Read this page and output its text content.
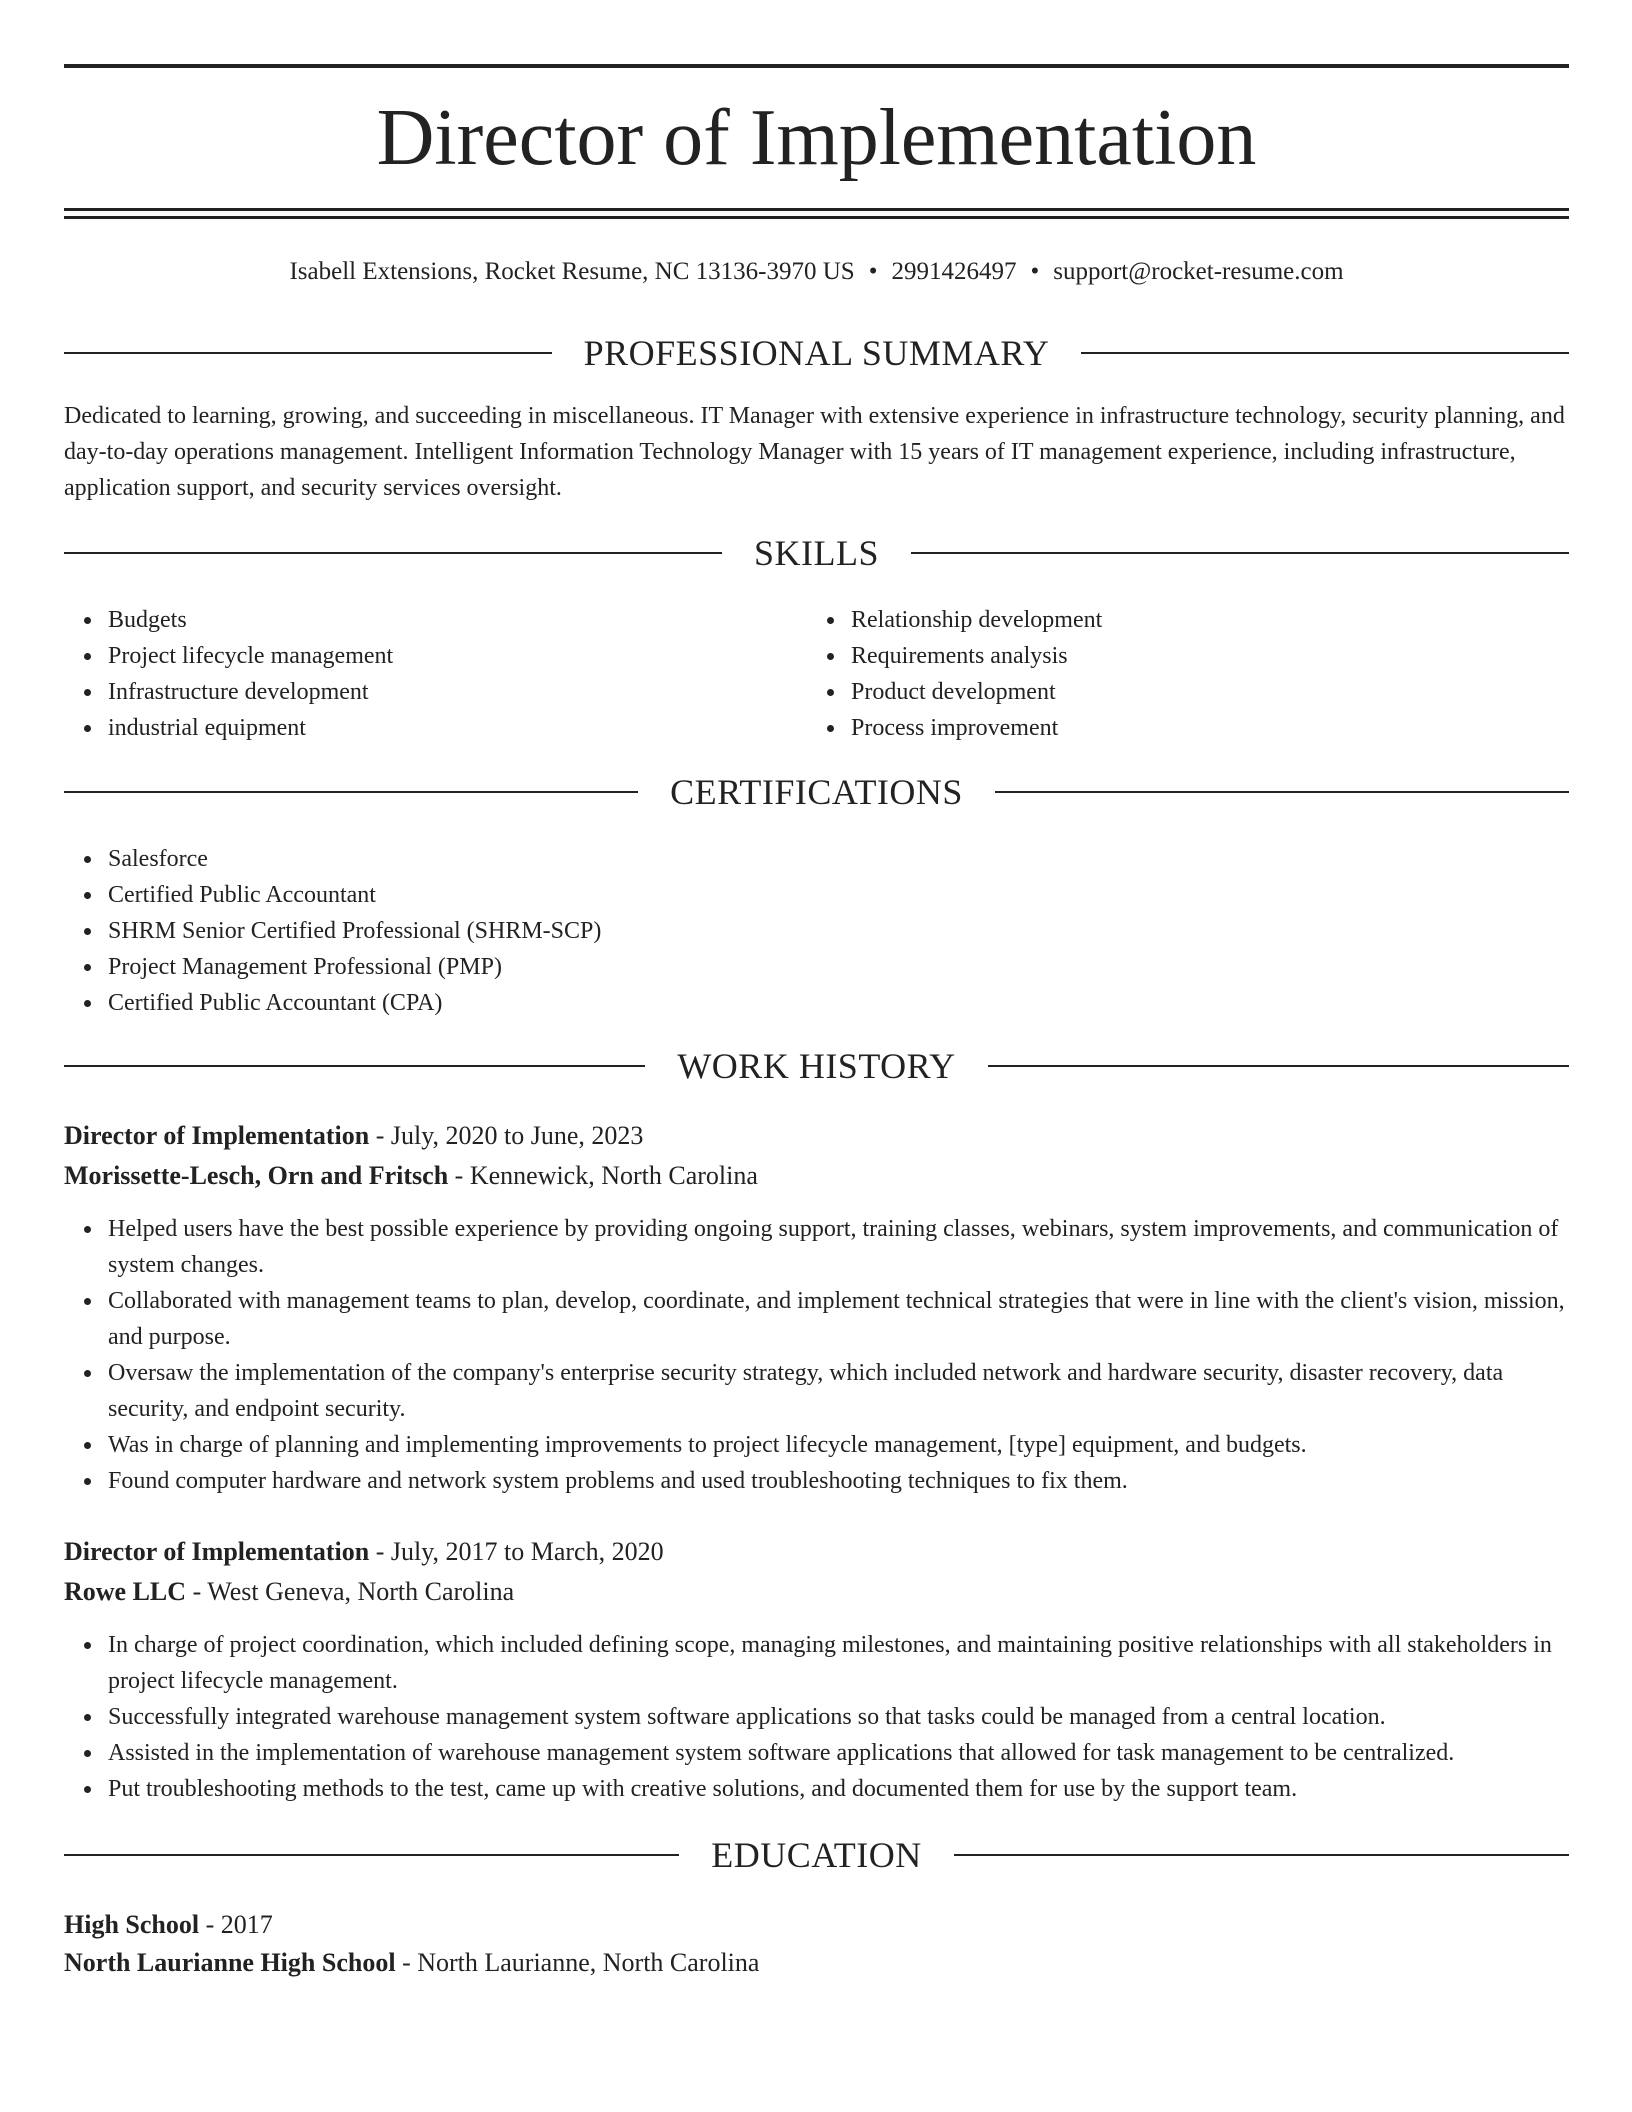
Director of Implementation
Isabell Extensions, Rocket Resume, NC 13136-3970 US • 2991426497 • support@rocket-resume.com
PROFESSIONAL SUMMARY
Dedicated to learning, growing, and succeeding in miscellaneous. IT Manager with extensive experience in infrastructure technology, security planning, and day-to-day operations management. Intelligent Information Technology Manager with 15 years of IT management experience, including infrastructure, application support, and security services oversight.
SKILLS
Budgets
Project lifecycle management
Infrastructure development
industrial equipment
Relationship development
Requirements analysis
Product development
Process improvement
CERTIFICATIONS
Salesforce
Certified Public Accountant
SHRM Senior Certified Professional (SHRM-SCP)
Project Management Professional (PMP)
Certified Public Accountant (CPA)
WORK HISTORY
Director of Implementation - July, 2020 to June, 2023
Morissette-Lesch, Orn and Fritsch - Kennewick, North Carolina
Helped users have the best possible experience by providing ongoing support, training classes, webinars, system improvements, and communication of system changes.
Collaborated with management teams to plan, develop, coordinate, and implement technical strategies that were in line with the client's vision, mission, and purpose.
Oversaw the implementation of the company's enterprise security strategy, which included network and hardware security, disaster recovery, data security, and endpoint security.
Was in charge of planning and implementing improvements to project lifecycle management, [type] equipment, and budgets.
Found computer hardware and network system problems and used troubleshooting techniques to fix them.
Director of Implementation - July, 2017 to March, 2020
Rowe LLC - West Geneva, North Carolina
In charge of project coordination, which included defining scope, managing milestones, and maintaining positive relationships with all stakeholders in project lifecycle management.
Successfully integrated warehouse management system software applications so that tasks could be managed from a central location.
Assisted in the implementation of warehouse management system software applications that allowed for task management to be centralized.
Put troubleshooting methods to the test, came up with creative solutions, and documented them for use by the support team.
EDUCATION
High School - 2017
North Laurianne High School - North Laurianne, North Carolina
